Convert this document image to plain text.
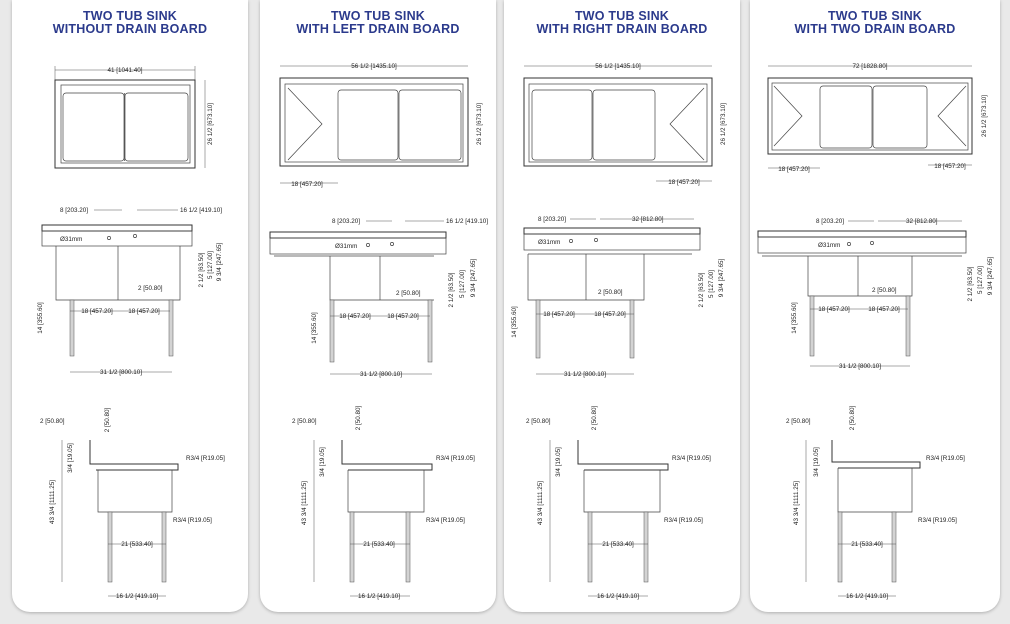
TWO TUB SINK
WITHOUT DRAIN BOARD
41 [1041.40]
26 1/2 [673.10]
8 [203.20]	16 1/2 [419.10]
Ø31mm
2 [50.80]
14 [355.60]
2 1/2 [63.50] 5 [127.00] 9 3/4 [247.65]
18 [457.20] 18 [457.20]
31 1/2 [800.10]
2 [50.80]	2 [50.80]
3/4 [19.05]
43 3/4 [1111.25]
R3/4 [R19.05]
R3/4 [R19.05]
21 [533.40]
16 1/2 [419.10]
TWO TUB SINK
WITH LEFT DRAIN BOARD
56 1/2 [1435.10]
26 1/2 [673.10]
18 [457.20]
8 [203.20]	16 1/2 [419.10]
Ø31mm
2 [50.80]
14 [355.60]
2 1/2 [63.50] 5 [127.00] 9 3/4 [247.65]
18 [457.20]	18 [457.20]
31 1/2 [800.10]
2 [50.80]	2 [50.80]
3/4 [19.05]
43 3/4 [1111.25]
R3/4 [R19.05]
R3/4 [R19.05]
21 [533.40]
16 1/2 [419.10]
TWO TUB SINK
WITH RIGHT DRAIN BOARD
56 1/2 [1435.10]
26 1/2 [673.10]
18 [457.20]
8 [203.20]	32 [812.80]
Ø31mm
2 [50.80]
14 [355.60]
2 1/2 [63.50] 5 [127.00] 9 3/4 [247.65]
18 [457.20]	18 [457.20]
31 1/2 [800.10]
2 [50.80]	2 [50.80]
3/4 [19.05]
43 3/4 [1111.25]
R3/4 [R19.05]
R3/4 [R19.05]
21 [533.40]
16 1/2 [419.10]
TWO TUB SINK
WITH TWO DRAIN BOARD
72 [1828.80]
26 1/2 [673.10]
18 [457.20]	18 [457.20]
8 [203.20]	32 [812.80]
Ø31mm
2 [50.80]
14 [355.60]
2 1/2 [63.50] 5 [127.00] 9 3/4 [247.65]
18 [457.20]	18 [457.20]
31 1/2 [800.10]
2 [50.80]	2 [50.80]
3/4 [19.05]
43 3/4 [1111.25]
R3/4 [R19.05]
R3/4 [R19.05]
21 [533.40]
16 1/2 [419.10]
